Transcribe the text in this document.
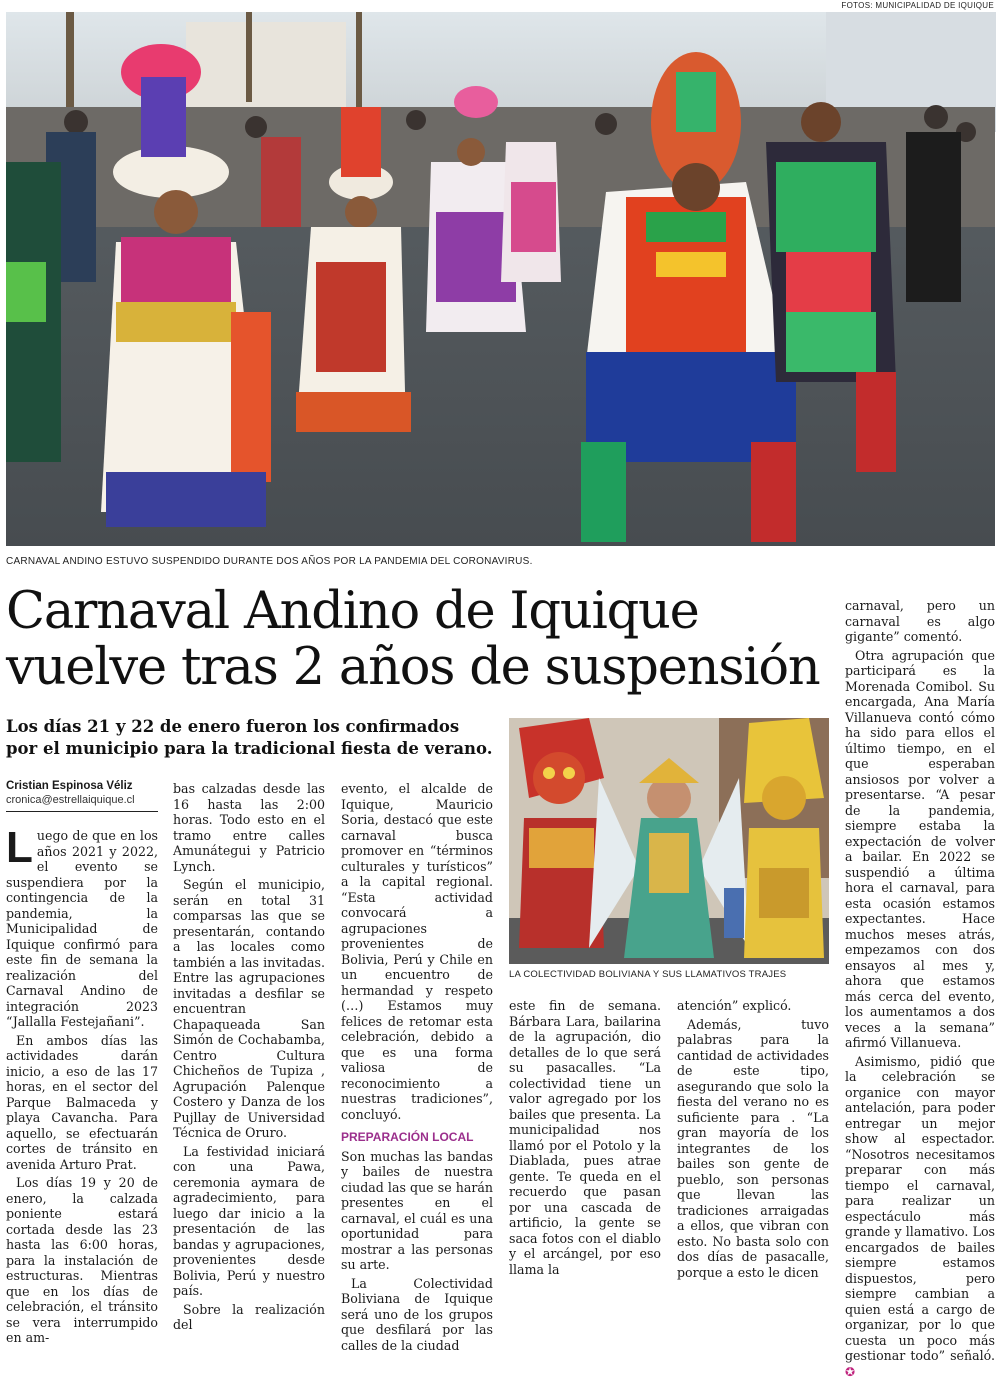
FOTOS: MUNICIPALIDAD DE IQUIQUE
CARNAVAL ANDINO ESTUVO SUSPENDIDO DURANTE DOS AÑOS POR LA PANDEMIA DEL CORONAVIRUS.
Carnaval Andino de Iquique vuelve tras 2 años de suspensión
Los días 21 y 22 de enero fueron los confirmados por el municipio para la tradicional fiesta de verano.
Cristian Espinosa Véliz
cronica@estrellaiquique.cl

Luego de que en los años 2021 y 2022, el evento se suspendiera por la contingencia de la pandemia, la Municipalidad de Iquique confirmó para este fin de semana la realización del Carnaval Andino de integración 2023 “Jallalla Festejañani”.

En ambos días las actividades darán inicio, a eso de las 17 horas, en el sector del Parque Balmaceda y playa Cavancha. Para aquello, se efectuarán cortes de tránsito en avenida Arturo Prat.

Los días 19 y 20 de enero, la calzada poniente estará cortada desde las 23 hasta las 6:00 horas, para la instalación de estructuras. Mientras que en los días de celebración, el tránsito se vera interrumpido en am-

bas calzadas desde las 16 hasta las 2:00 horas. Todo esto en el tramo entre calles Amunátegui y Patricio Lynch.

Según el municipio, serán en total 31 comparsas las que se presentarán, contando a las locales como también a las invitadas. Entre las agrupaciones invitadas a desfilar se encuentran Chapaqueada San Simón de Cochabamba, Centro Cultura Chicheños de Tupiza , Agrupación Palenque Costero y Danza de los Pujllay de Universidad Técnica de Oruro.

La festividad iniciará con una Pawa, ceremonia aymara de agradecimiento, para luego dar inicio a la presentación de las bandas y agrupaciones, provenientes desde Bolivia, Perú y nuestro país.

Sobre la realización del

evento, el alcalde de Iquique, Mauricio Soria, destacó que este carnaval busca promover en “términos culturales y turísticos” a la capital regional. “Esta actividad convocará a agrupaciones provenientes de Bolivia, Perú y Chile en un encuentro de hermandad y respeto (…) Estamos muy felices de retomar esta celebración, debido a que es una forma valiosa de reconocimiento a nuestras tradiciones”, concluyó.

PREPARACIÓN LOCAL

Son muchas las bandas y bailes de nuestra ciudad las que se harán presentes en el carnaval, el cuál es una oportunidad para mostrar a las personas su arte.

La Colectividad Boliviana de Iquique será uno de los grupos que desfilará por las calles de la ciudad

LA COLECTIVIDAD BOLIVIANA Y SUS LLAMATIVOS TRAJES

este fin de semana. Bárbara Lara, bailarina de la agrupación, dio detalles de lo que será su pasacalles. “La colectividad tiene un valor agregado por los bailes que presenta. La municipalidad nos llamó por el Potolo y la Diablada, pues atrae gente. Te queda en el recuerdo que pasan por una cascada de artificio, la gente se saca fotos con el diablo y el arcángel, por eso llama la

atención” explicó.

Además, tuvo palabras para la cantidad de actividades de este tipo, asegurando que solo la fiesta del verano no es suficiente para . “La gran mayoría de los integrantes de los bailes son gente de pueblo, son personas que llevan las tradiciones arraigadas a ellos, que vibran con esto. No basta solo con dos días de pasacalle, porque a esto le dicen

carnaval, pero un carnaval es algo gigante” comentó.

Otra agrupación que participará es la Morenada Comibol. Su encargada, Ana María Villanueva contó cómo ha sido para ellos el último tiempo, en el que esperaban ansiosos por volver a presentarse. “A pesar de la pandemia, siempre estaba la expectación de volver a bailar. En 2022 se suspendió a última hora el carnaval, para esta ocasión estamos expectantes. Hace muchos meses atrás, empezamos con dos ensayos al mes y, ahora que estamos más cerca del evento, los aumentamos a dos veces a la semana” afirmó Villanueva.

Asimismo, pidió que la celebración se organice con mayor antelación, para poder entregar un mejor show al espectador. “Nosotros necesitamos preparar con más tiempo el carnaval, para realizar un espectáculo más grande y llamativo. Los encargados de bailes siempre estamos dispuestos, pero siempre cambian a quien está a cargo de organizar, por lo que cuesta un poco más gestionar todo” señaló. ✪
